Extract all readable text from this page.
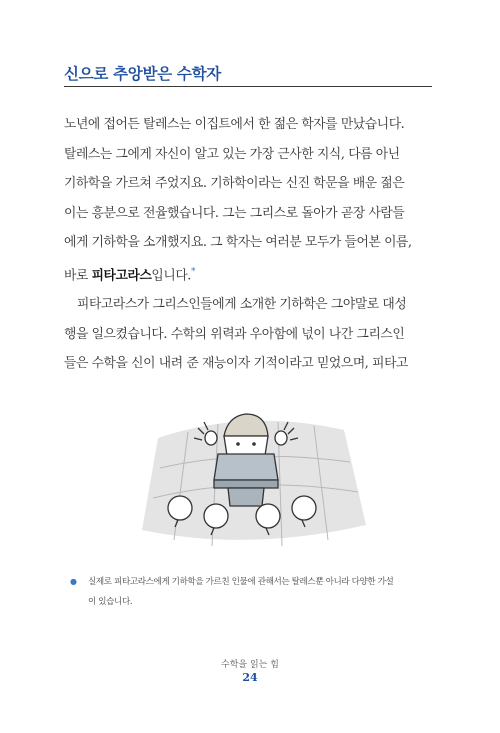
신으로 추앙받은 수학자

노년에 접어든 탈레스는 이집트에서 한 젊은 학자를 만났습니다.

탈레스는 그에게 자신이 알고 있는 가장 근사한 지식, 다름 아닌

기하학을 가르쳐 주었지요. 기하학이라는 신진 학문을 배운 젊은

이는 흥분으로 전율했습니다. 그는 그리스로 돌아가 곧장 사람들

에게 기하학을 소개했지요. 그 학자는 여러분 모두가 들어본 이름,

바로 피타고라스입니다.*

피타고라스가 그리스인들에게 소개한 기하학은 그야말로 대성

행을 일으켰습니다. 수학의 위력과 우아함에 넋이 나간 그리스인

들은 수학을 신이 내려 준 재능이자 기적이라고 믿었으며, 피타고

●	실제로 피타고라스에게 기하학을 가르친 인물에 관해서는 탈레스뿐 아니라 다양한 가설이 있습니다.
수학을 읽는 힘
24
